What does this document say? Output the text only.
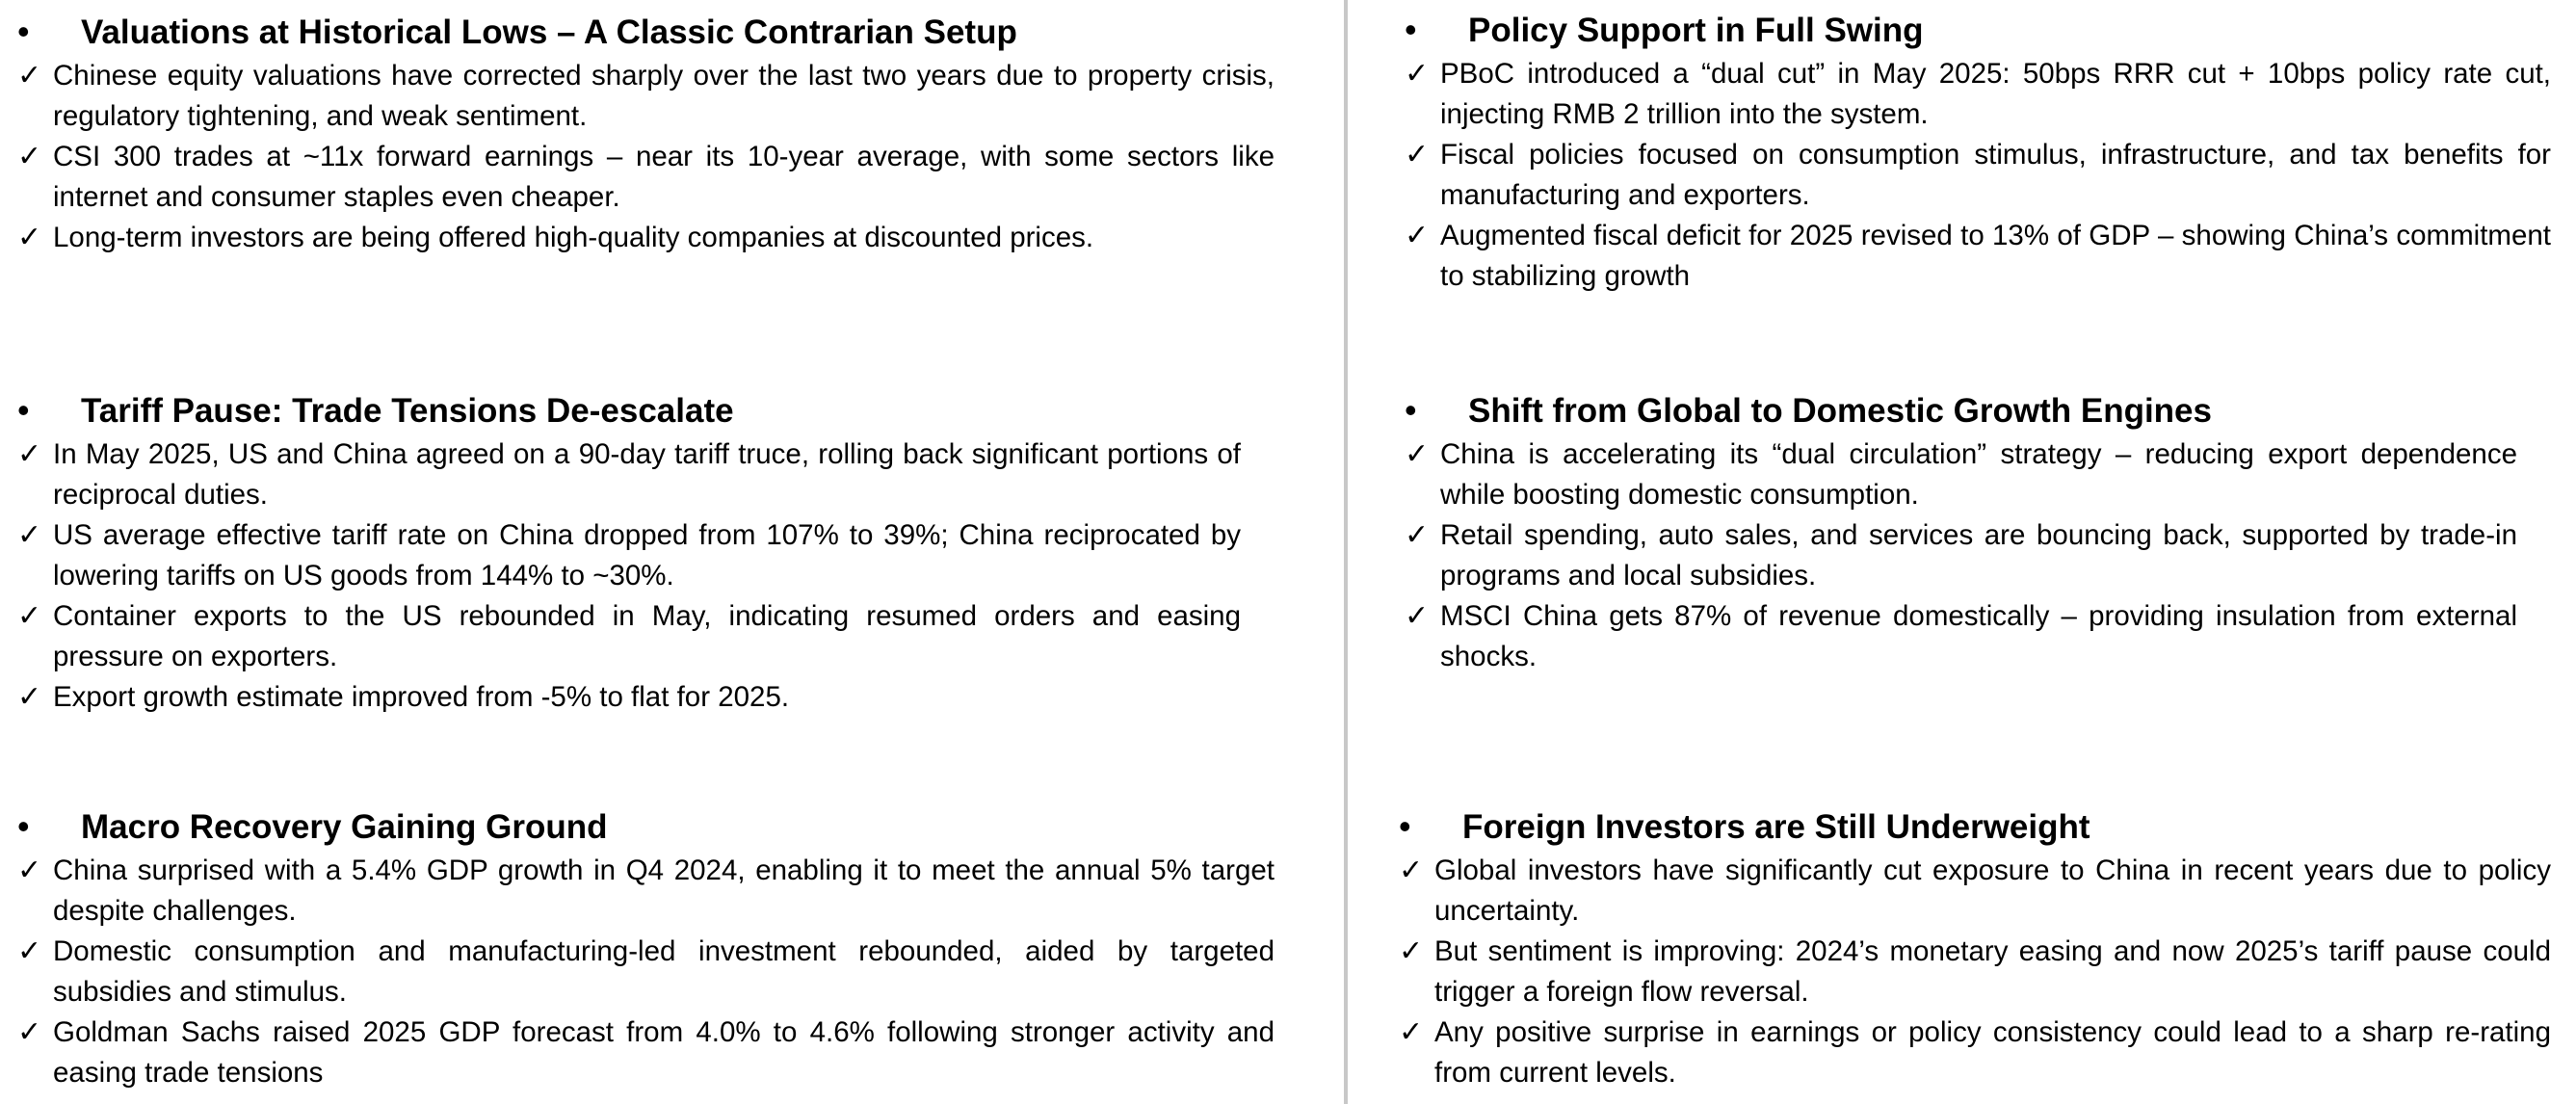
•	Valuations at Historical Lows – A Classic Contrarian Setup
✓ Chinese equity valuations have corrected sharply over the last two years due to property crisis, regulatory tightening, and weak sentiment.
✓ CSI 300 trades at ~11x forward earnings – near its 10-year average, with some sectors like internet and consumer staples even cheaper.
✓ Long-term investors are being offered high-quality companies at discounted prices.
•	Tariff Pause: Trade Tensions De-escalate
✓ In May 2025, US and China agreed on a 90-day tariff truce, rolling back significant portions of reciprocal duties.
✓ US average effective tariff rate on China dropped from 107% to 39%; China reciprocated by lowering tariffs on US goods from 144% to ~30%.
✓ Container exports to the US rebounded in May, indicating resumed orders and easing pressure on exporters.
✓ Export growth estimate improved from -5% to flat for 2025.
•	Macro Recovery Gaining Ground
✓ China surprised with a 5.4% GDP growth in Q4 2024, enabling it to meet the annual 5% target despite challenges.
✓ Domestic consumption and manufacturing-led investment rebounded, aided by targeted subsidies and stimulus.
✓ Goldman Sachs raised 2025 GDP forecast from 4.0% to 4.6% following stronger activity and easing trade tensions
•	Policy Support in Full Swing
✓ PBoC introduced a “dual cut” in May 2025: 50bps RRR cut + 10bps policy rate cut, injecting RMB 2 trillion into the system.
✓ Fiscal policies focused on consumption stimulus, infrastructure, and tax benefits for manufacturing and exporters.
✓ Augmented fiscal deficit for 2025 revised to 13% of GDP – showing China’s commitment to stabilizing growth
•	Shift from Global to Domestic Growth Engines
✓ China is accelerating its “dual circulation” strategy – reducing export dependence while boosting domestic consumption.
✓ Retail spending, auto sales, and services are bouncing back, supported by trade-in programs and local subsidies.
✓ MSCI China gets 87% of revenue domestically – providing insulation from external shocks.
•	Foreign Investors are Still Underweight
✓ Global investors have significantly cut exposure to China in recent years due to policy uncertainty.
✓ But sentiment is improving: 2024’s monetary easing and now 2025’s tariff pause could trigger a foreign flow reversal.
✓ Any positive surprise in earnings or policy consistency could lead to a sharp re-rating from current levels.
